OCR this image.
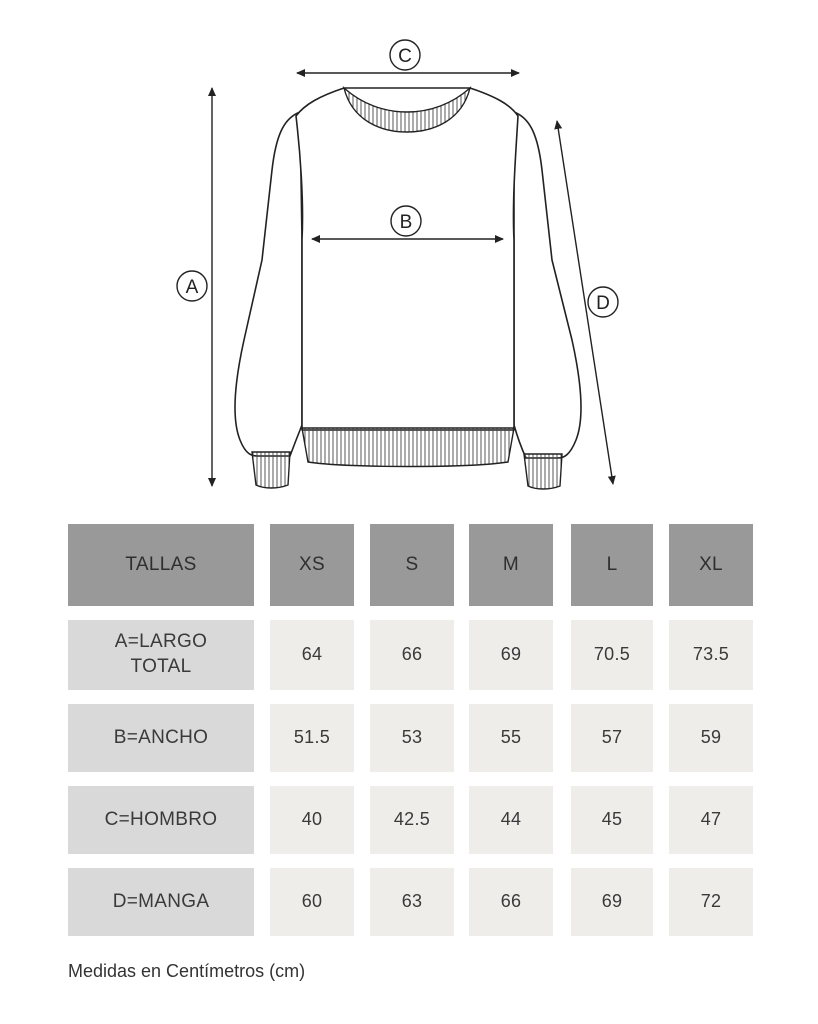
C
B
A
D
TALLAS	XS	S	M	L	XL
A=LARGO
TOTAL
64	66	69	70.5	73.5
B=ANCHO	51.5	53	55	57	59
C=HOMBRO	40	42.5	44	45	47
D=MANGA	60	63	66	69	72
Medidas en Centímetros (cm)
